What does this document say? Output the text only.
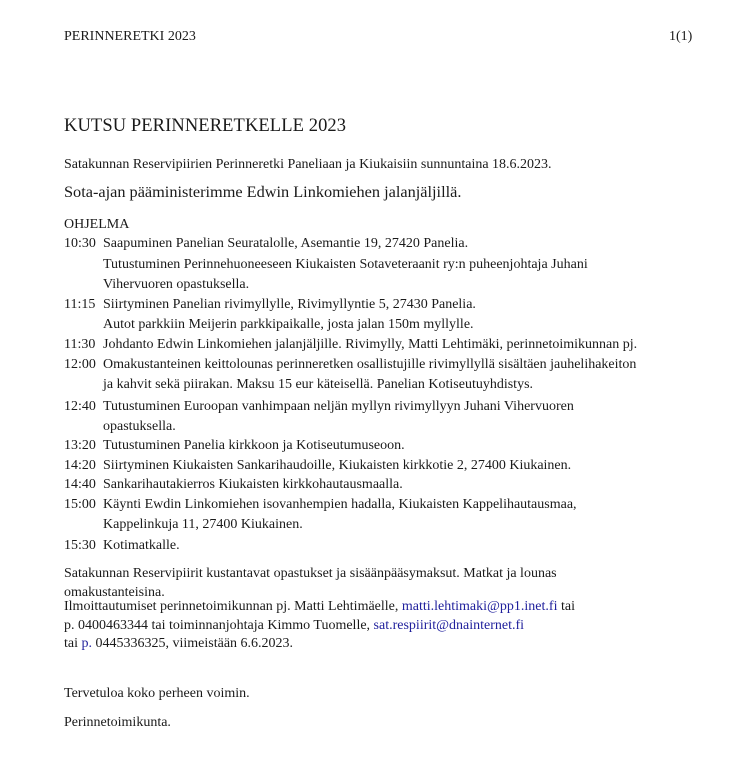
PERINNERETKI 2023	1(1)
KUTSU PERINNERETKELLE 2023
Satakunnan Reservipiirien Perinneretki Paneliaan ja Kiukaisiin sunnuntaina 18.6.2023.
Sota-ajan pääministerimme Edwin Linkomiehen jalanjäljillä.
OHJELMA
10:30 Saapuminen Panelian Seuratalolle, Asemantie 19, 27420 Panelia.
Tutustuminen Perinnehuoneeseen Kiukaisten Sotaveteraanit ry:n puheenjohtaja Juhani
Vihervuoren opastuksella.
11:15 Siirtyminen Panelian rivimyllylle, Rivimyllyntie 5, 27430 Panelia.
Autot parkkiin Meijerin parkkipaikalle, josta jalan 150m myllylle.
11:30 Johdanto Edwin Linkomiehen jalanjäljille. Rivimylly, Matti Lehtimäki, perinnetoimikunnan pj.
12:00 Omakustanteinen keittolounas perinneretken osallistujille rivimyllyllä sisältäen jauhelihakeiton
ja kahvit sekä piirakan. Maksu 15 eur käteisellä. Panelian Kotiseutuyhdistys.
12:40 Tutustuminen Euroopan vanhimpaan neljän myllyn rivimyllyyn Juhani Vihervuoren
opastuksella.
13:20 Tutustuminen Panelia kirkkoon ja Kotiseutumuseoon.
14:20 Siirtyminen Kiukaisten Sankarihaudoille, Kiukaisten kirkkotie 2, 27400 Kiukainen.
14:40 Sankarihautakierros Kiukaisten kirkkohautausmaalla.
15:00 Käynti Ewdin Linkomiehen isovanhempien hadalla, Kiukaisten Kappelihautausmaa,
Kappelinkuja 11, 27400 Kiukainen.
15:30 Kotimatkalle.
Satakunnan Reservipiirit kustantavat opastukset ja sisäänpääsymaksut. Matkat ja lounas
omakustanteisina.
Ilmoittautumiset perinnetoimikunnan pj. Matti Lehtimäelle, matti.lehtimaki@pp1.inet.fi tai
p. 0400463344 tai toiminnanjohtaja Kimmo Tuomelle, sat.respiirit@dnainternet.fi
tai p. 0445336325, viimeistään 6.6.2023.
Tervetuloa koko perheen voimin.
Perinnetoimikunta.
